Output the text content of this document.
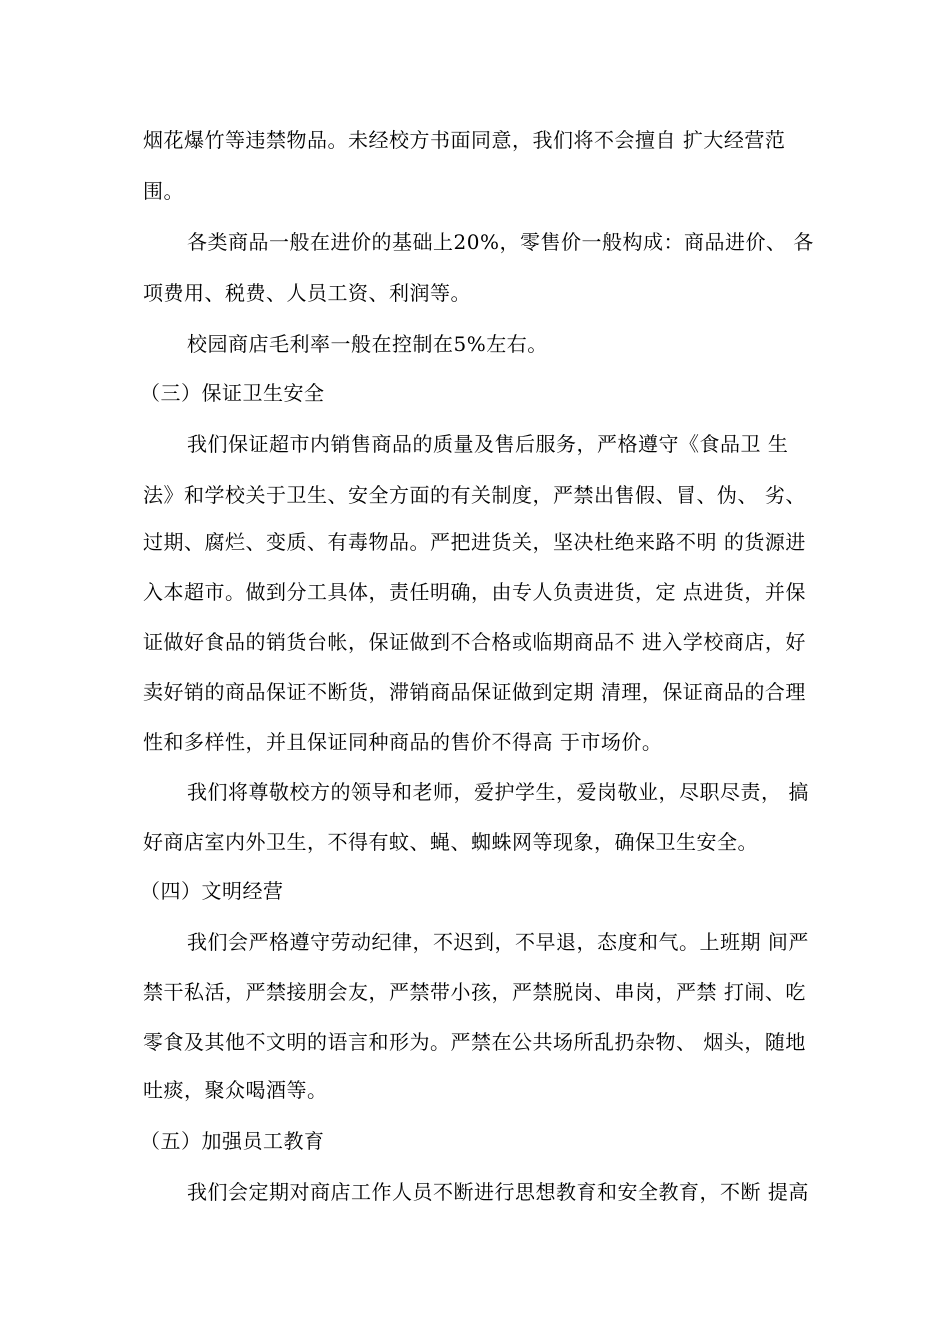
烟花爆竹等违禁物品。未经校方书面同意，我们将不会擅自 扩大经营范
围。
各类商品一般在进价的基础上20%，零售价一般构成：商品进价、 各
项费用、税费、人员工资、利润等。
校园商店毛利率一般在控制在5%左右。
（三）保证卫生安全
我们保证超市内销售商品的质量及售后服务，严格遵守《食品卫 生
法》和学校关于卫生、安全方面的有关制度，严禁出售假、冒、伪、 劣、
过期、腐烂、变质、有毒物品。严把进货关，坚决杜绝来路不明 的货源进
入本超市。做到分工具体，责任明确，由专人负责进货，定 点进货，并保
证做好食品的销货台帐，保证做到不合格或临期商品不 进入学校商店，好
卖好销的商品保证不断货，滞销商品保证做到定期 清理，保证商品的合理
性和多样性，并且保证同种商品的售价不得高 于市场价。
我们将尊敬校方的领导和老师，爱护学生，爱岗敬业，尽职尽责， 搞
好商店室内外卫生，不得有蚊、蝇、蜘蛛网等现象，确保卫生安全。
（四）文明经营
我们会严格遵守劳动纪律，不迟到，不早退，态度和气。上班期 间严
禁干私活，严禁接朋会友，严禁带小孩，严禁脱岗、串岗，严禁 打闹、吃
零食及其他不文明的语言和形为。严禁在公共场所乱扔杂物、 烟头，随地
吐痰，聚众喝酒等。
（五）加强员工教育
我们会定期对商店工作人员不断进行思想教育和安全教育，不断 提高
